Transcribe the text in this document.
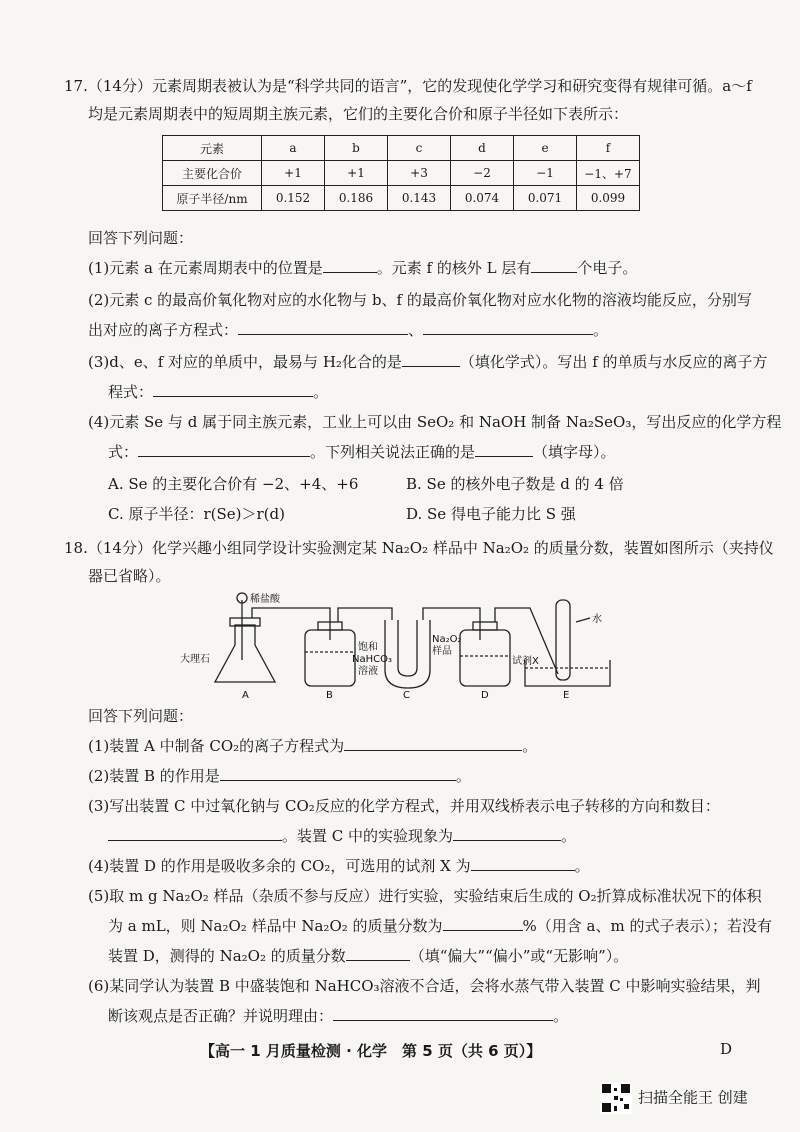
17.（14分）元素周期表被认为是“科学共同的语言”，它的发现使化学学习和研究变得有规律可循。a～f
均是元素周期表中的短周期主族元素，它们的主要化合价和原子半径如下表所示：
元素	a	b	c	d	e	f
主要化合价	+1	+1	+3	−2	−1	−1、+7
原子半径/nm	0.152	0.186	0.143	0.074	0.071	0.099
回答下列问题：
(1)元素 a 在元素周期表中的位置是	。元素 f 的核外 L 层有	个电子。
(2)元素 c 的最高价氧化物对应的水化物与 b、f 的最高价氧化物对应水化物的溶液均能反应，分别写
出对应的离子方程式：	、	。
(3)d、e、f 对应的单质中，最易与 H₂化合的是	（填化学式）。写出 f 的单质与水反应的离子方
程式：	。
(4)元素 Se 与 d 属于同主族元素，工业上可以由 SeO₂ 和 NaOH 制备 Na₂SeO₃，写出反应的化学方程
式：	。下列相关说法正确的是	（填字母）。
A. Se 的主要化合价有 −2、+4、+6	B. Se 的核外电子数是 d 的 4 倍
C. 原子半径：r(Se)＞r(d)	D. Se 得电子能力比 S 强
18.（14分）化学兴趣小组同学设计实验测定某 Na₂O₂ 样品中 Na₂O₂ 的质量分数，装置如图所示（夹持仪
器已省略）。
稀盐酸
大理石
饱和
NaHCO₃
溶液
Na₂O₂
样品
试剂X
水
A	B	C	D	E
回答下列问题：
(1)装置 A 中制备 CO₂的离子方程式为	。
(2)装置 B 的作用是	。
(3)写出装置 C 中过氧化钠与 CO₂反应的化学方程式，并用双线桥表示电子转移的方向和数目：
。装置 C 中的实验现象为	。
(4)装置 D 的作用是吸收多余的 CO₂，可选用的试剂 X 为	。
(5)取 m g Na₂O₂ 样品（杂质不参与反应）进行实验，实验结束后生成的 O₂折算成标准状况下的体积
为 a mL，则 Na₂O₂ 样品中 Na₂O₂ 的质量分数为	%（用含 a、m 的式子表示）；若没有
装置 D，测得的 Na₂O₂ 的质量分数	（填“偏大”“偏小”或“无影响”）。
(6)某同学认为装置 B 中盛装饱和 NaHCO₃溶液不合适，会将水蒸气带入装置 C 中影响实验结果，判
断该观点是否正确？并说明理由：	。
【高一 1 月质量检测 · 化学　第 5 页（共 6 页）】	D
扫描全能王 创建
